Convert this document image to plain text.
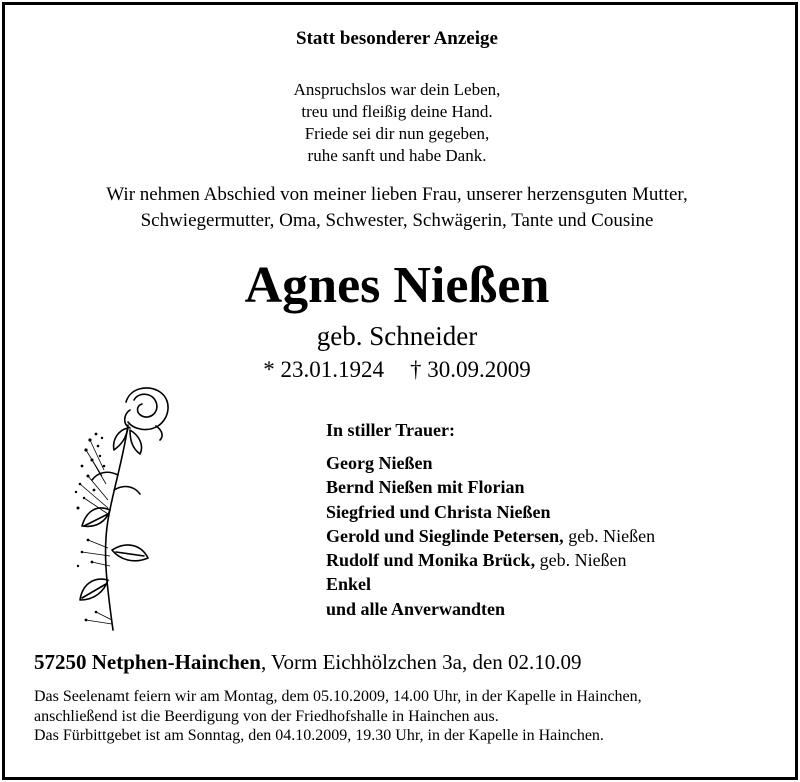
Statt besonderer Anzeige
Anspruchslos war dein Leben,
treu und fleißig deine Hand.
Friede sei dir nun gegeben,
ruhe sanft und habe Dank.
Wir nehmen Abschied von meiner lieben Frau, unserer herzensguten Mutter,
Schwiegermutter, Oma, Schwester, Schwägerin, Tante und Cousine
Agnes Nießen
geb. Schneider
* 23.01.1924 † 30.09.2009
In stiller Trauer:
Georg Nießen
Bernd Nießen mit Florian
Siegfried und Christa Nießen
Gerold und Sieglinde Petersen, geb. Nießen
Rudolf und Monika Brück, geb. Nießen
Enkel
und alle Anverwandten
57250 Netphen-Hainchen, Vorm Eichhölzchen 3a, den 02.10.09
Das Seelenamt feiern wir am Montag, dem 05.10.2009, 14.00 Uhr, in der Kapelle in Hainchen,
anschließend ist die Beerdigung von der Friedhofshalle in Hainchen aus.
Das Fürbittgebet ist am Sonntag, den 04.10.2009, 19.30 Uhr, in der Kapelle in Hainchen.
